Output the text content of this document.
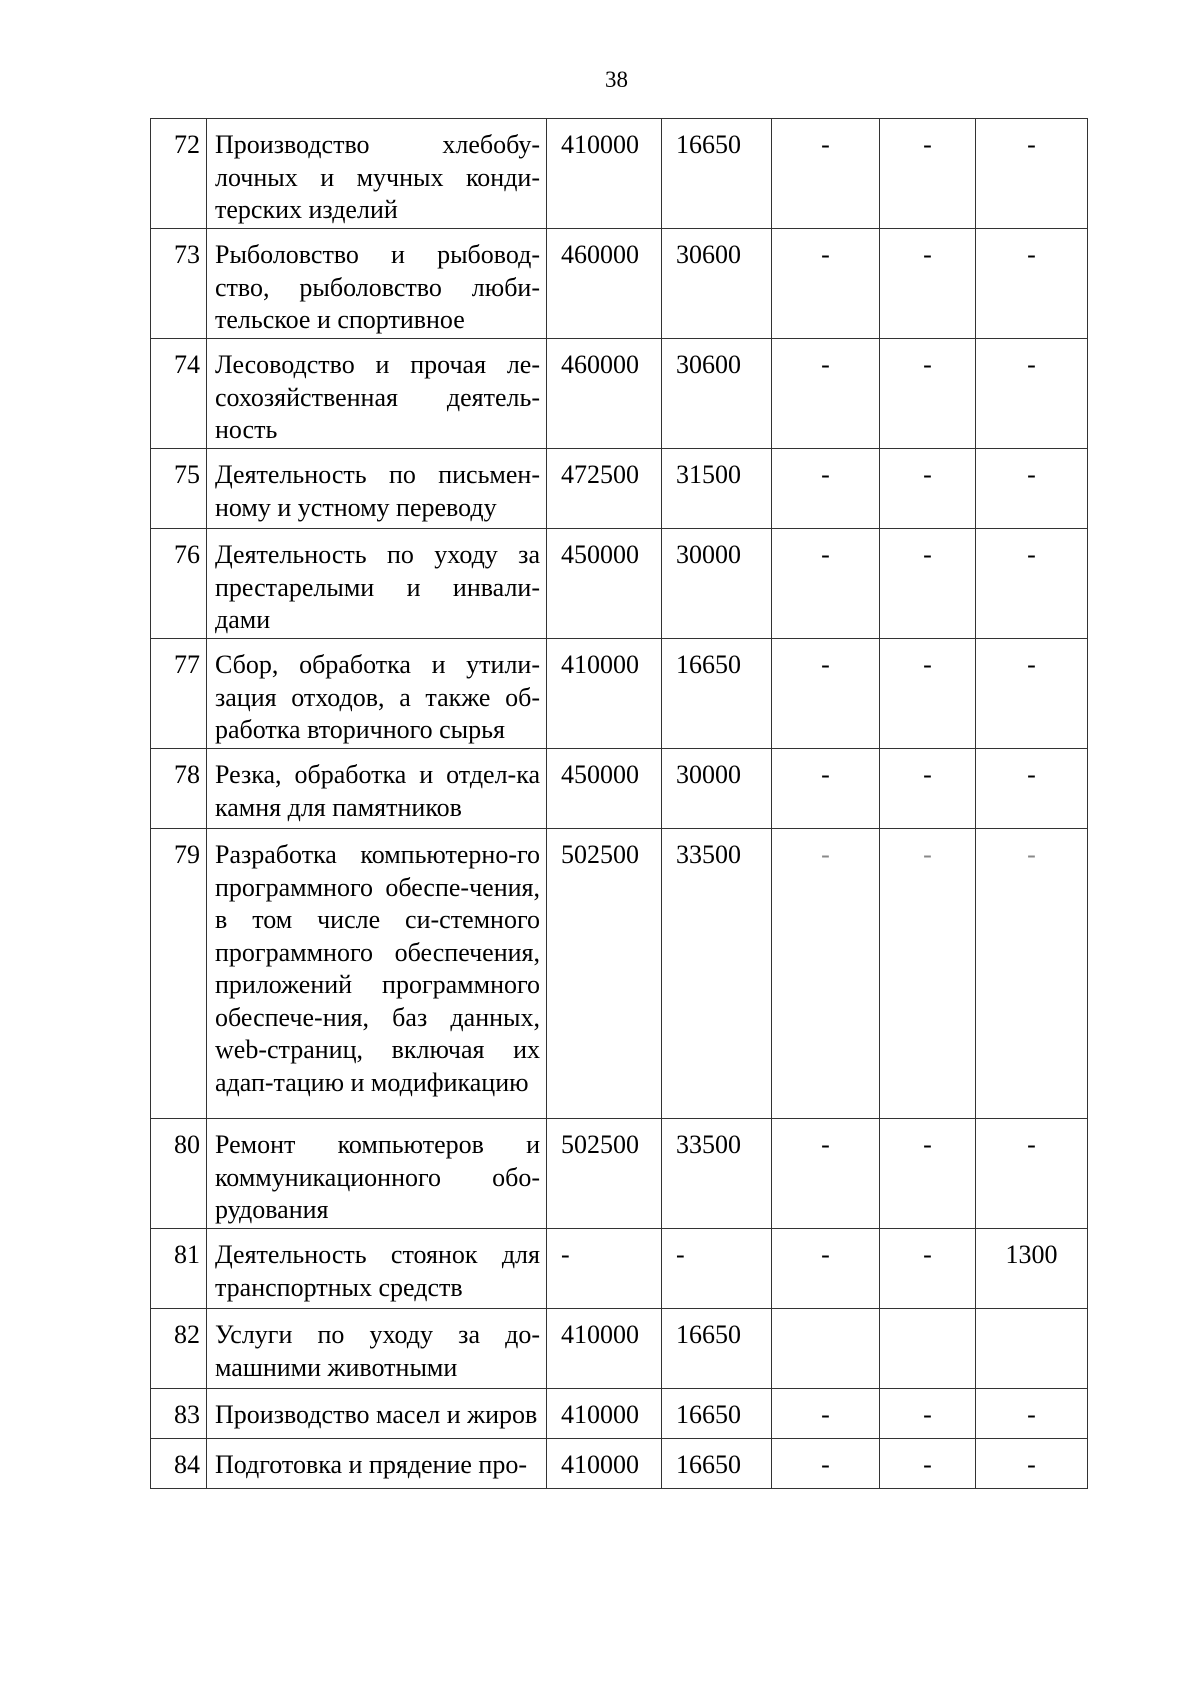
38
72	Производство хлебобу-лочных и мучных конди-терских изделий	410000	16650	-	-	-
73	Рыболовство и рыбовод-ство, рыболовство люби-тельское и спортивное	460000	30600	-	-	-
74	Лесоводство и прочая ле-сохозяйственная деятель-ность	460000	30600	-	-	-
75	Деятельность по письмен-ному и устному переводу	472500	31500	-	-	-
76	Деятельность по уходу за престарелыми и инвали-дами	450000	30000	-	-	-
77	Сбор, обработка и утили-зация отходов, а также об-работка вторичного сырья	410000	16650	-	-	-
78	Резка, обработка и отдел-ка камня для памятников	450000	30000	-	-	-
79	Разработка компьютерно-го программного обеспе-чения, в том числе си-стемного программного обеспечения, приложений программного обеспече-ния, баз данных, web-страниц, включая их адап-тацию и модификацию	502500	33500	-	-	-
80	Ремонт компьютеров и коммуникационного обо-рудования	502500	33500	-	-	-
81	Деятельность стоянок для транспортных средств	-	-	-	-	1300
82	Услуги по уходу за до-машними животными	410000	16650			
83	Производство масел и жиров	410000	16650	-	-	-
84	Подготовка и прядение про-	410000	16650	-	-	-
